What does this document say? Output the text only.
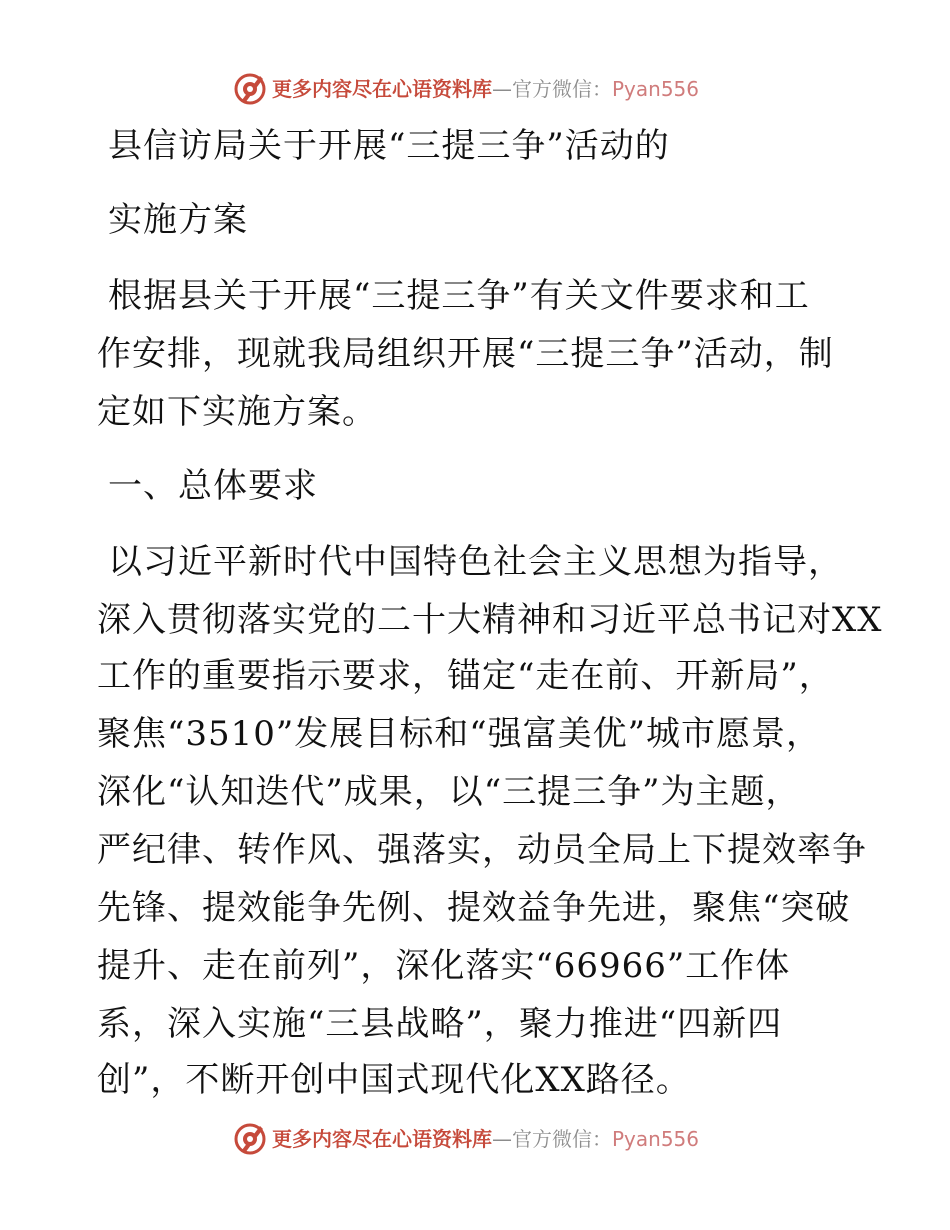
更多内容尽在心语资料库—官方微信：Pyan556
县信访局关于开展“三提三争”活动的
实施方案
根据县关于开展“三提三争”有关文件要求和工
作安排，现就我局组织开展“三提三争”活动，制
定如下实施方案。
一、总体要求
以习近平新时代中国特色社会主义思想为指导，
深入贯彻落实党的二十大精神和习近平总书记对XX
工作的重要指示要求，锚定“走在前、开新局”，
聚焦“3510”发展目标和“强富美优”城市愿景，
深化“认知迭代”成果，以“三提三争”为主题，
严纪律、转作风、强落实，动员全局上下提效率争
先锋、提效能争先例、提效益争先进，聚焦“突破
提升、走在前列”，深化落实“66966”工作体
系，深入实施“三县战略”，聚力推进“四新四
创”，不断开创中国式现代化XX路径。
更多内容尽在心语资料库—官方微信：Pyan556
